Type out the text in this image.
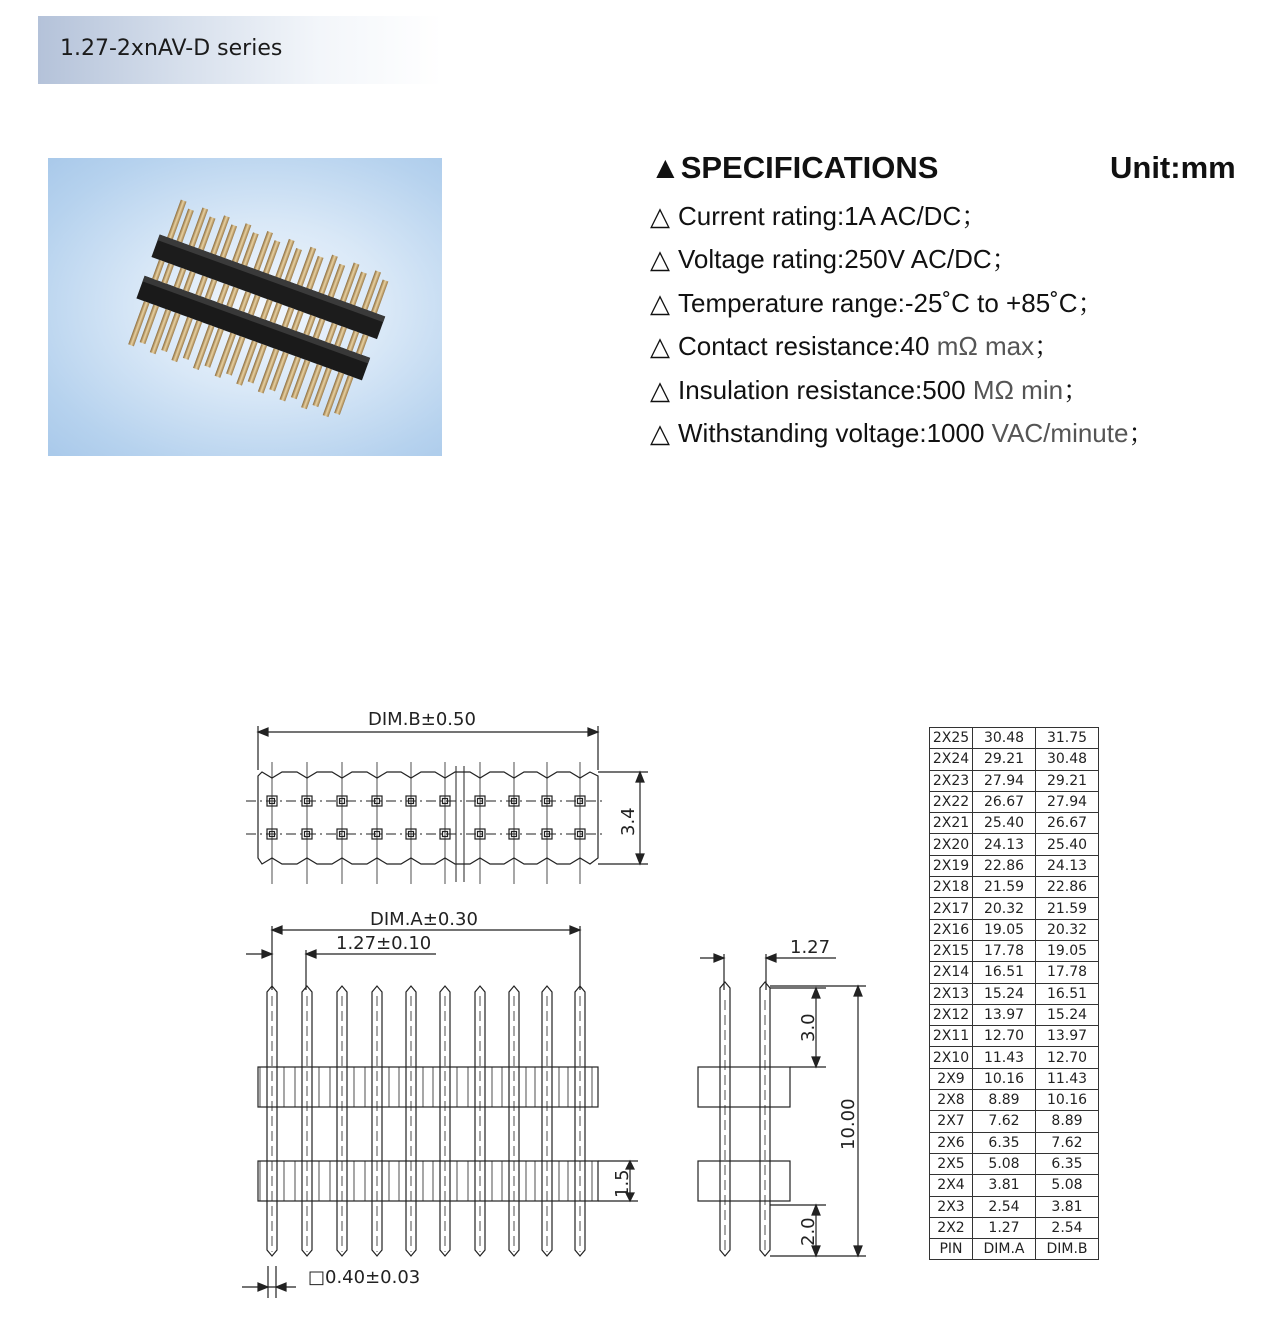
1.27-2xnAV-D series
▲SPECIFICATIONS	Unit:mm
△ Current rating:1A AC/DC；
△ Voltage rating:250V AC/DC；
△ Temperature range:-25˚C to +85˚C；
△ Contact resistance:40 mΩ max；
△ Insulation resistance:500 MΩ min；
△ Withstanding voltage:1000 VAC/minute；
DIM.B±0.50
3.4
DIM.A±0.30
1.27±0.10
1.5
□0.40±0.03
1.27
3.0
2.0
10.00
2X25	30.48	31.75
2X24	29.21	30.48
2X23	27.94	29.21
2X22	26.67	27.94
2X21	25.40	26.67
2X20	24.13	25.40
2X19	22.86	24.13
2X18	21.59	22.86
2X17	20.32	21.59
2X16	19.05	20.32
2X15	17.78	19.05
2X14	16.51	17.78
2X13	15.24	16.51
2X12	13.97	15.24
2X11	12.70	13.97
2X10	11.43	12.70
2X9	10.16	11.43
2X8	8.89	10.16
2X7	7.62	8.89
2X6	6.35	7.62
2X5	5.08	6.35
2X4	3.81	5.08
2X3	2.54	3.81
2X2	1.27	2.54
PIN	DIM.A	DIM.B
